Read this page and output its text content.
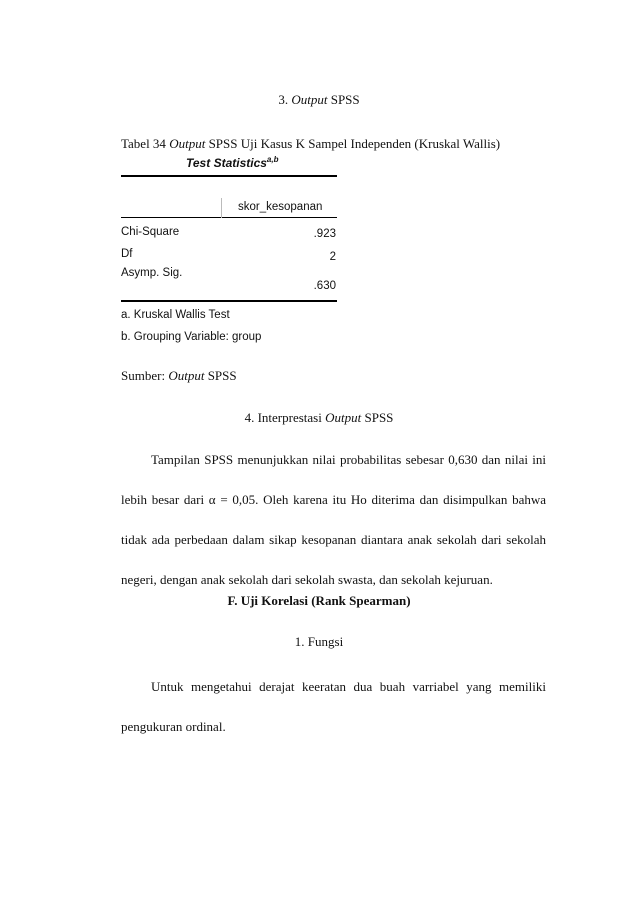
3. Output SPSS
Tabel 34 Output SPSS Uji Kasus K Sampel Independen (Kruskal Wallis)
Test Statistics$^{a,b}$
skor_kesopanan
Chi-Square	.923
Df	2
Asymp. Sig.
.630
a. Kruskal Wallis Test
b. Grouping Variable: group
Sumber: Output SPSS
4. Interprestasi Output SPSS
Tampilan SPSS menunjukkan nilai probabilitas sebesar 0,630 dan nilai ini
lebih besar dari α = 0,05. Oleh karena itu Ho diterima dan disimpulkan bahwa
tidak ada perbedaan dalam sikap kesopanan diantara anak sekolah dari sekolah
negeri, dengan anak sekolah dari sekolah swasta, dan sekolah kejuruan.
F. Uji Korelasi (Rank Spearman)
1. Fungsi
Untuk mengetahui derajat keeratan dua buah varriabel yang memiliki
pengukuran ordinal.
